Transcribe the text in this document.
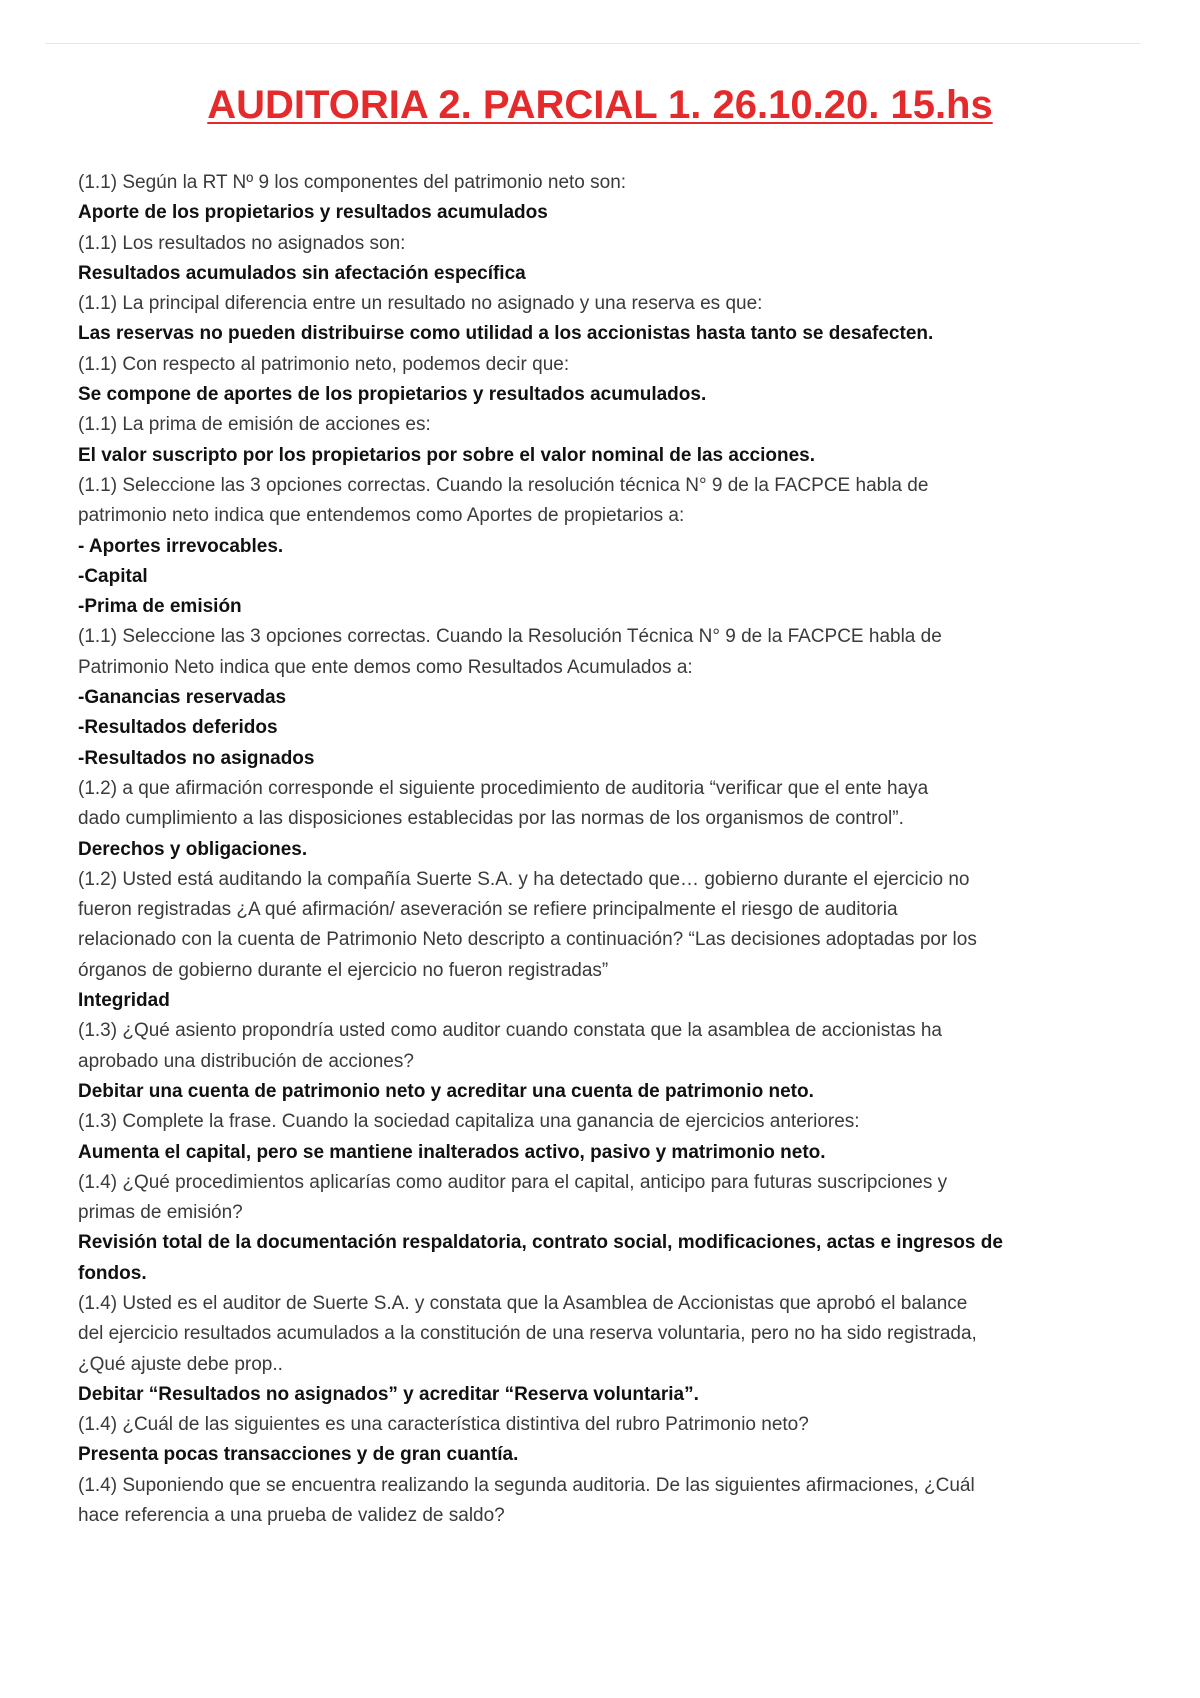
AUDITORIA 2. PARCIAL 1. 26.10.20. 15.hs

(1.1) Según la RT Nº 9 los componentes del patrimonio neto son:

Aporte de los propietarios y resultados acumulados

(1.1) Los resultados no asignados son:

Resultados acumulados sin afectación específica

(1.1) La principal diferencia entre un resultado no asignado y una reserva es que:

Las reservas no pueden distribuirse como utilidad a los accionistas hasta tanto se desafecten.

(1.1) Con respecto al patrimonio neto, podemos decir que:

Se compone de aportes de los propietarios y resultados acumulados.

(1.1) La prima de emisión de acciones es:

El valor suscripto por los propietarios por sobre el valor nominal de las acciones.

(1.1) Seleccione las 3 opciones correctas. Cuando la resolución técnica N° 9 de la FACPCE habla de

patrimonio neto indica que entendemos como Aportes de propietarios a:

- Aportes irrevocables.

-Capital

-Prima de emisión

(1.1) Seleccione las 3 opciones correctas. Cuando la Resolución Técnica N° 9 de la FACPCE habla de

Patrimonio Neto indica que ente demos como Resultados Acumulados a:

-Ganancias reservadas

-Resultados deferidos

-Resultados no asignados

(1.2) a que afirmación corresponde el siguiente procedimiento de auditoria “verificar que el ente haya

dado cumplimiento a las disposiciones establecidas por las normas de los organismos de control”.

Derechos y obligaciones.

(1.2) Usted está auditando la compañía Suerte S.A. y ha detectado que… gobierno durante el ejercicio no

fueron registradas ¿A qué afirmación/ aseveración se refiere principalmente el riesgo de auditoria

relacionado con la cuenta de Patrimonio Neto descripto a continuación? “Las decisiones adoptadas por los

órganos de gobierno durante el ejercicio no fueron registradas”

Integridad

(1.3) ¿Qué asiento propondría usted como auditor cuando constata que la asamblea de accionistas ha

aprobado una distribución de acciones?

Debitar una cuenta de patrimonio neto y acreditar una cuenta de patrimonio neto.

(1.3) Complete la frase. Cuando la sociedad capitaliza una ganancia de ejercicios anteriores:

Aumenta el capital, pero se mantiene inalterados activo, pasivo y matrimonio neto.

(1.4) ¿Qué procedimientos aplicarías como auditor para el capital, anticipo para futuras suscripciones y

primas de emisión?

Revisión total de la documentación respaldatoria, contrato social, modificaciones, actas e ingresos de

fondos.

(1.4) Usted es el auditor de Suerte S.A. y constata que la Asamblea de Accionistas que aprobó el balance

del ejercicio resultados acumulados a la constitución de una reserva voluntaria, pero no ha sido registrada,

¿Qué ajuste debe prop..

Debitar “Resultados no asignados” y acreditar “Reserva voluntaria”.

(1.4) ¿Cuál de las siguientes es una característica distintiva del rubro Patrimonio neto?

Presenta pocas transacciones y de gran cuantía.

(1.4) Suponiendo que se encuentra realizando la segunda auditoria. De las siguientes afirmaciones, ¿Cuál

hace referencia a una prueba de validez de saldo?
